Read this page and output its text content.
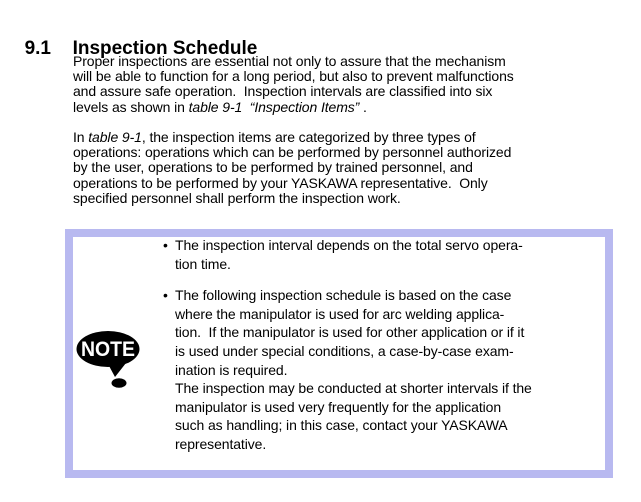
9.1 Inspection Schedule

Proper inspections are essential not only to assure that the mechanism
will be able to function for a long period, but also to prevent malfunctions
and assure safe operation.  Inspection intervals are classified into six
levels as shown in table 9-1  “Inspection Items” .
In table 9-1, the inspection items are categorized by three types of
operations: operations which can be performed by personnel authorized
by the user, operations to be performed by trained personnel, and
operations to be performed by your YASKAWA representative.  Only
specified personnel shall perform the inspection work.
NOTE
• The inspection interval depends on the total servo opera-
tion time.
• The following inspection schedule is based on the case
where the manipulator is used for arc welding applica-
tion.  If the manipulator is used for other application or if it
is used under special conditions, a case-by-case exam-
ination is required.
The inspection may be conducted at shorter intervals if the
manipulator is used very frequently for the application
such as handling; in this case, contact your YASKAWA
representative.
